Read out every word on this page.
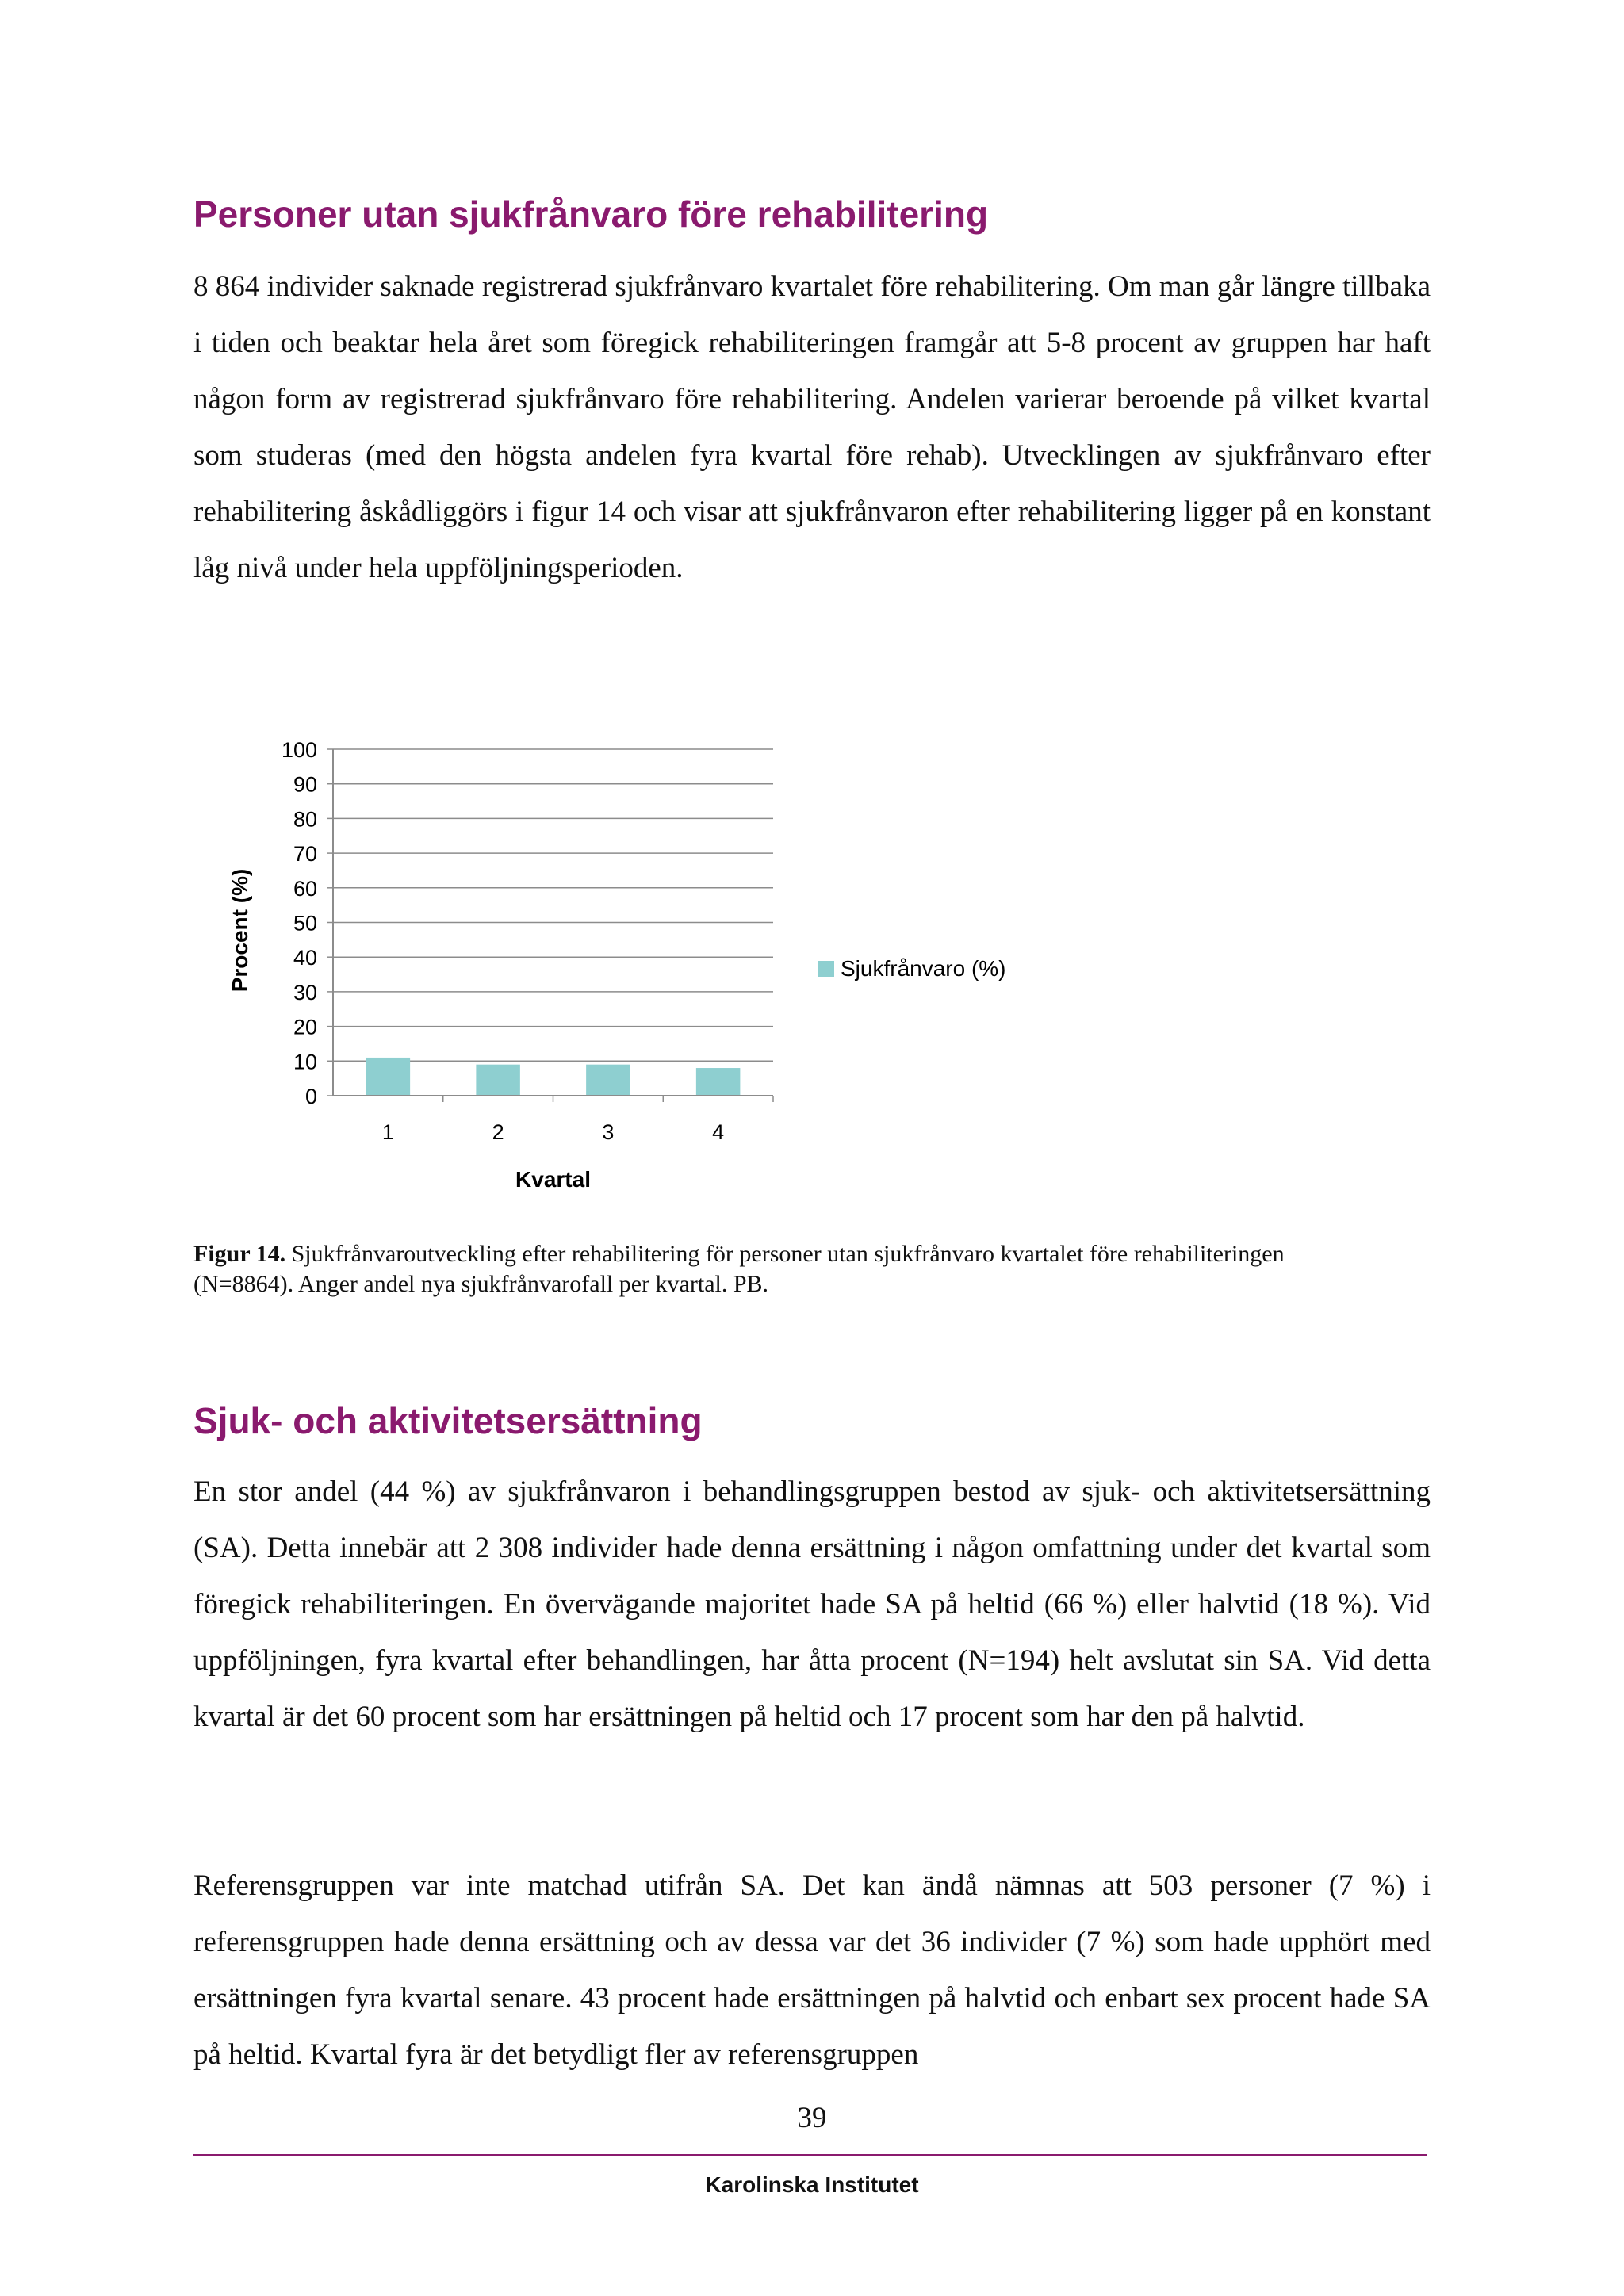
Personer utan sjukfrånvaro före rehabilitering

8 864 individer saknade registrerad sjukfrånvaro kvartalet före rehabilitering. Om man går längre tillbaka i tiden och beaktar hela året som föregick rehabiliteringen framgår att 5-8 procent av gruppen har haft någon form av registrerad sjukfrånvaro före rehabilitering. Andelen varierar beroende på vilket kvartal som studeras (med den högsta andelen fyra kvartal före rehab). Utvecklingen av sjukfrånvaro efter rehabilitering åskådliggörs i figur 14 och visar att sjukfrånvaron efter rehabilitering ligger på en konstant låg nivå under hela uppföljningsperioden.

0
10
20
30
40
50
60
70
80
90
100
1	2	3	4
Procent (%)
Kvartal
Sjukfrånvaro (%)

Figur 14. Sjukfrånvaroutveckling efter rehabilitering för personer utan sjukfrånvaro kvartalet före rehabiliteringen (N=8864). Anger andel nya sjukfrånvarofall per kvartal. PB.

Sjuk- och aktivitetsersättning

En stor andel (44 %) av sjukfrånvaron i behandlingsgruppen bestod av sjuk- och aktivitetsersättning (SA). Detta innebär att 2 308 individer hade denna ersättning i någon omfattning under det kvartal som föregick rehabiliteringen. En övervägande majoritet hade SA på heltid (66 %) eller halvtid (18 %). Vid uppföljningen, fyra kvartal efter behandlingen, har åtta procent (N=194) helt avslutat sin SA. Vid detta kvartal är det 60 procent som har ersättningen på heltid och 17 procent som har den på halvtid.

Referensgruppen var inte matchad utifrån SA. Det kan ändå nämnas att 503 personer (7 %) i referensgruppen hade denna ersättning och av dessa var det 36 individer (7 %) som hade upphört med ersättningen fyra kvartal senare. 43 procent hade ersättningen på halvtid och enbart sex procent hade SA på heltid. Kvartal fyra är det betydligt fler av referensgruppen

39
Karolinska Institutet
